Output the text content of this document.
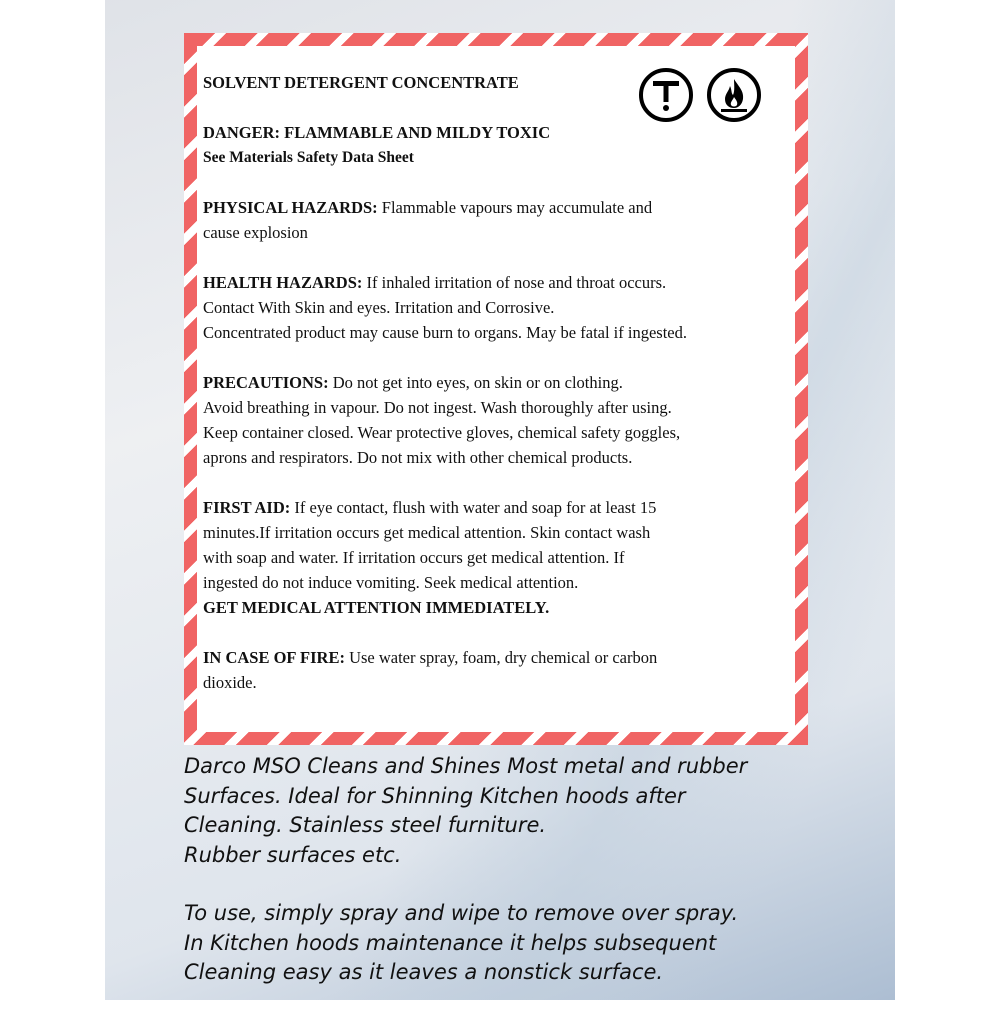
SOLVENT DETERGENT CONCENTRATE

DANGER: FLAMMABLE AND MILDY TOXIC
See Materials Safety Data Sheet

PHYSICAL HAZARDS: Flammable vapours may accumulate and
cause explosion

HEALTH HAZARDS: If inhaled irritation of nose and throat occurs.
Contact With Skin and eyes. Irritation and Corrosive.
Concentrated product may cause burn to organs. May be fatal if ingested.

PRECAUTIONS: Do not get into eyes, on skin or on clothing.
Avoid breathing in vapour. Do not ingest. Wash thoroughly after using.
Keep container closed. Wear protective gloves, chemical safety goggles,
aprons and respirators. Do not mix with other chemical products.

FIRST AID: If eye contact, flush with water and soap for at least 15
minutes.If irritation occurs get medical attention. Skin contact wash
with soap and water. If irritation occurs get medical attention. If
ingested do not induce vomiting. Seek medical attention.
GET MEDICAL ATTENTION IMMEDIATELY.

IN CASE OF FIRE: Use water spray, foam, dry chemical or carbon
dioxide.

Darco MSO Cleans and Shines Most metal and rubber
Surfaces. Ideal for Shinning Kitchen hoods after
Cleaning. Stainless steel furniture.
Rubber surfaces etc.

To use, simply spray and wipe to remove over spray.
In Kitchen hoods maintenance it helps subsequent
Cleaning easy as it leaves a nonstick surface.
